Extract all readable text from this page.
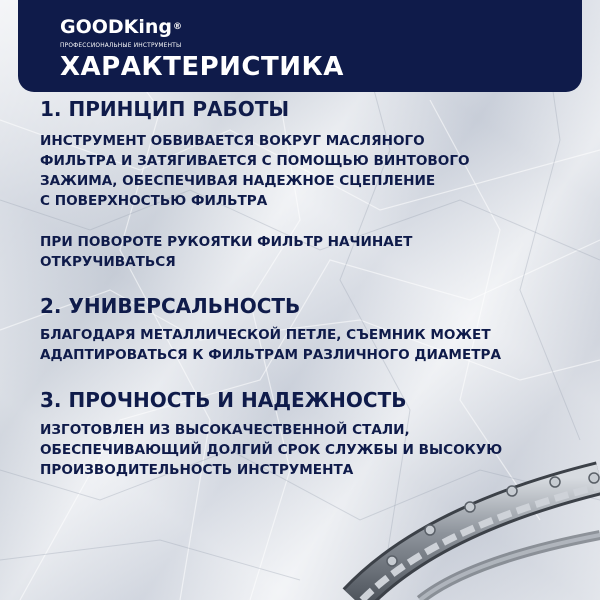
GOODKing®
ПРОФЕССИОНАЛЬНЫЕ ИНСТРУМЕНТЫ
ХАРАКТЕРИСТИКА
1. ПРИНЦИП РАБОТЫ
ИНСТРУМЕНТ ОБВИВАЕТСЯ ВОКРУГ МАСЛЯНОГО
ФИЛЬТРА И ЗАТЯГИВАЕТСЯ С ПОМОЩЬЮ ВИНТОВОГО
ЗАЖИМА, ОБЕСПЕЧИВАЯ НАДЕЖНОЕ СЦЕПЛЕНИЕ
С ПОВЕРХНОСТЬЮ ФИЛЬТРА
ПРИ ПОВОРОТЕ РУКОЯТКИ ФИЛЬТР НАЧИНАЕТ
ОТКРУЧИВАТЬСЯ
2. УНИВЕРСАЛЬНОСТЬ
БЛАГОДАРЯ МЕТАЛЛИЧЕСКОЙ ПЕТЛЕ, СЪЕМНИК МОЖЕТ
АДАПТИРОВАТЬСЯ К ФИЛЬТРАМ РАЗЛИЧНОГО ДИАМЕТРА
3. ПРОЧНОСТЬ И НАДЕЖНОСТЬ
ИЗГОТОВЛЕН ИЗ ВЫСОКАЧЕСТВЕННОЙ СТАЛИ,
ОБЕСПЕЧИВАЮЩИЙ ДОЛГИЙ СРОК СЛУЖБЫ И ВЫСОКУЮ
ПРОИЗВОДИТЕЛЬНОСТЬ ИНСТРУМЕНТА
